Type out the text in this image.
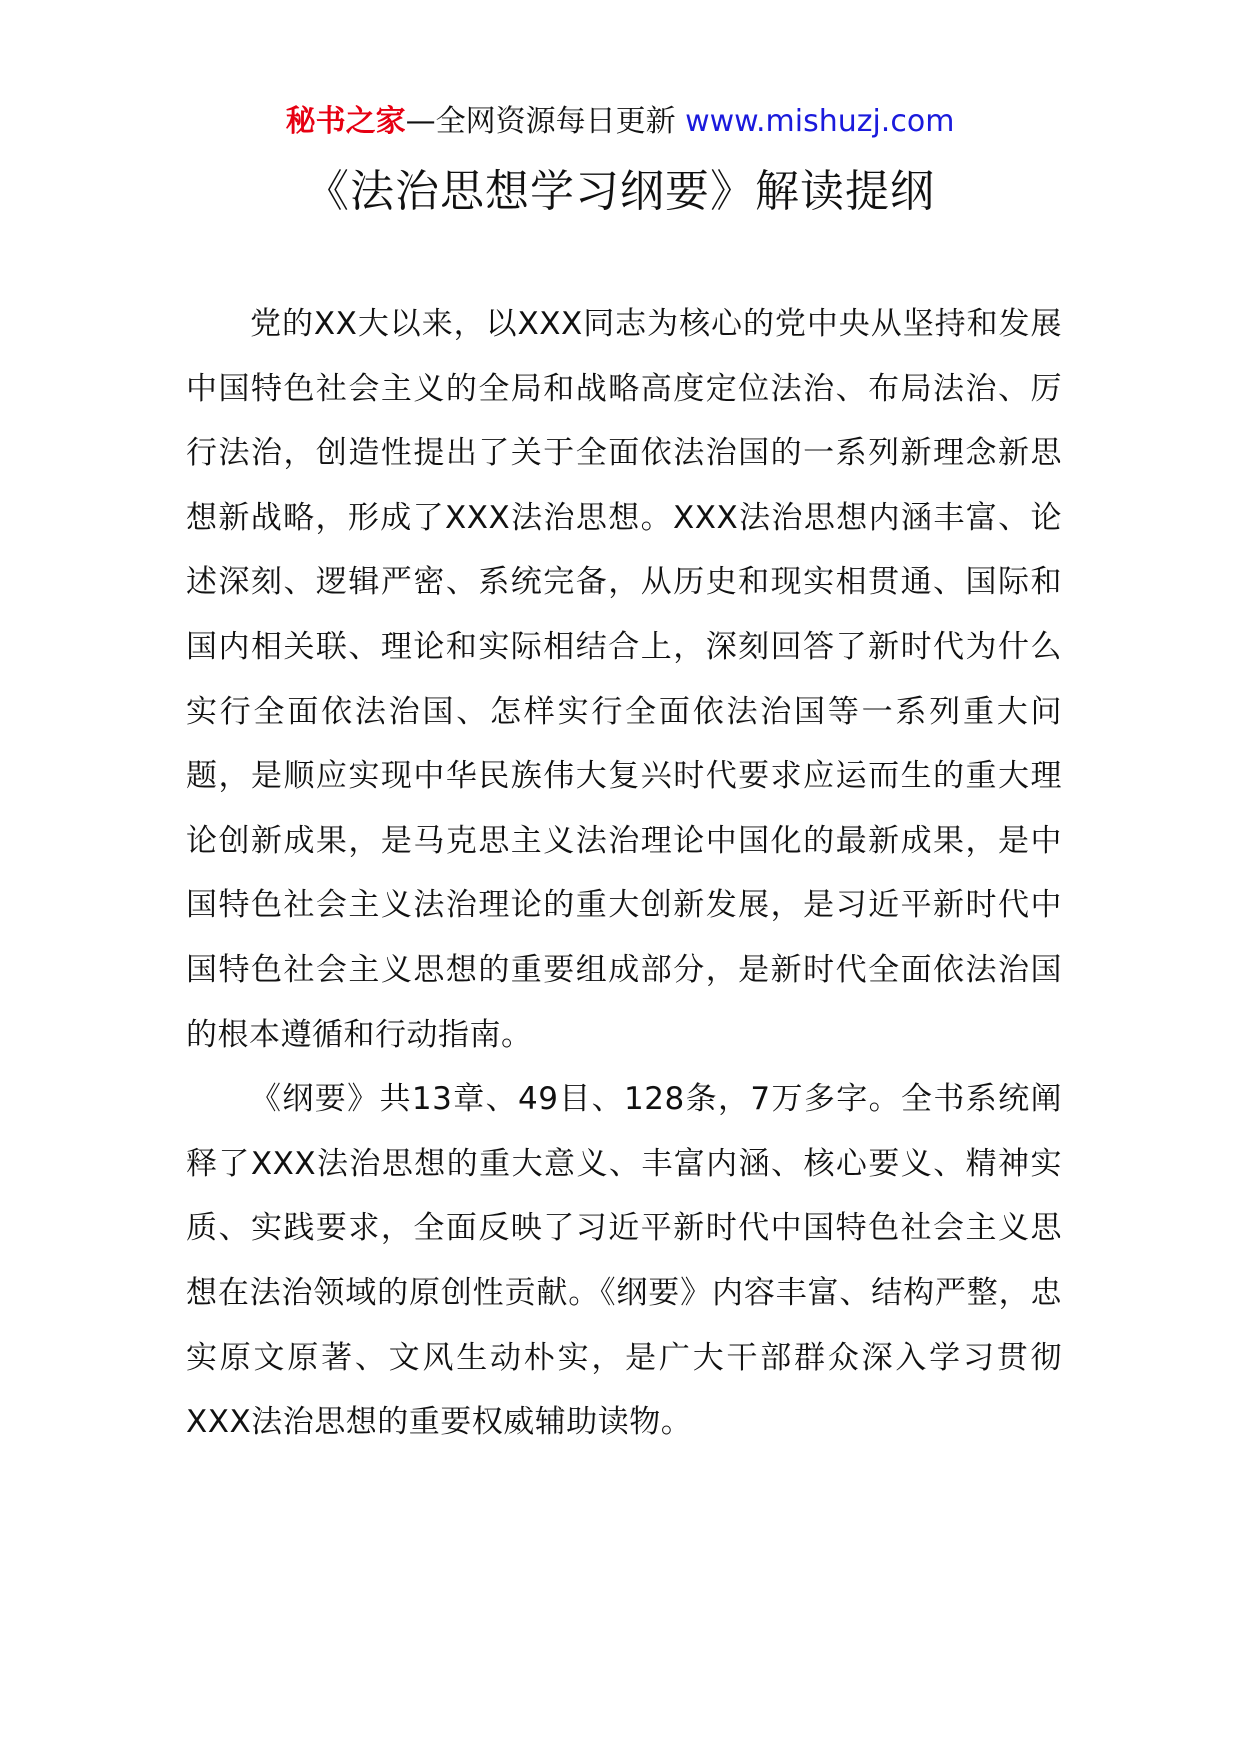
秘书之家—全网资源每日更新 www.mishuzj.com
《法治思想学习纲要》解读提纲

党的XX大以来，以XXX同志为核心的党中央从坚持和发展中国特色社会主义的全局和战略高度定位法治、布局法治、厉行法治，创造性提出了关于全面依法治国的一系列新理念新思想新战略，形成了XXX法治思想。XXX法治思想内涵丰富、论述深刻、逻辑严密、系统完备，从历史和现实相贯通、国际和国内相关联、理论和实际相结合上，深刻回答了新时代为什么实行全面依法治国、怎样实行全面依法治国等一系列重大问题，是顺应实现中华民族伟大复兴时代要求应运而生的重大理论创新成果，是马克思主义法治理论中国化的最新成果，是中国特色社会主义法治理论的重大创新发展，是习近平新时代中国特色社会主义思想的重要组成部分，是新时代全面依法治国的根本遵循和行动指南。

《纲要》共13章、49目、128条，7万多字。全书系统阐释了XXX法治思想的重大意义、丰富内涵、核心要义、精神实质、实践要求，全面反映了习近平新时代中国特色社会主义思想在法治领域的原创性贡献。《纲要》内容丰富、结构严整，忠实原文原著、文风生动朴实，是广大干部群众深入学习贯彻XXX法治思想的重要权威辅助读物。
